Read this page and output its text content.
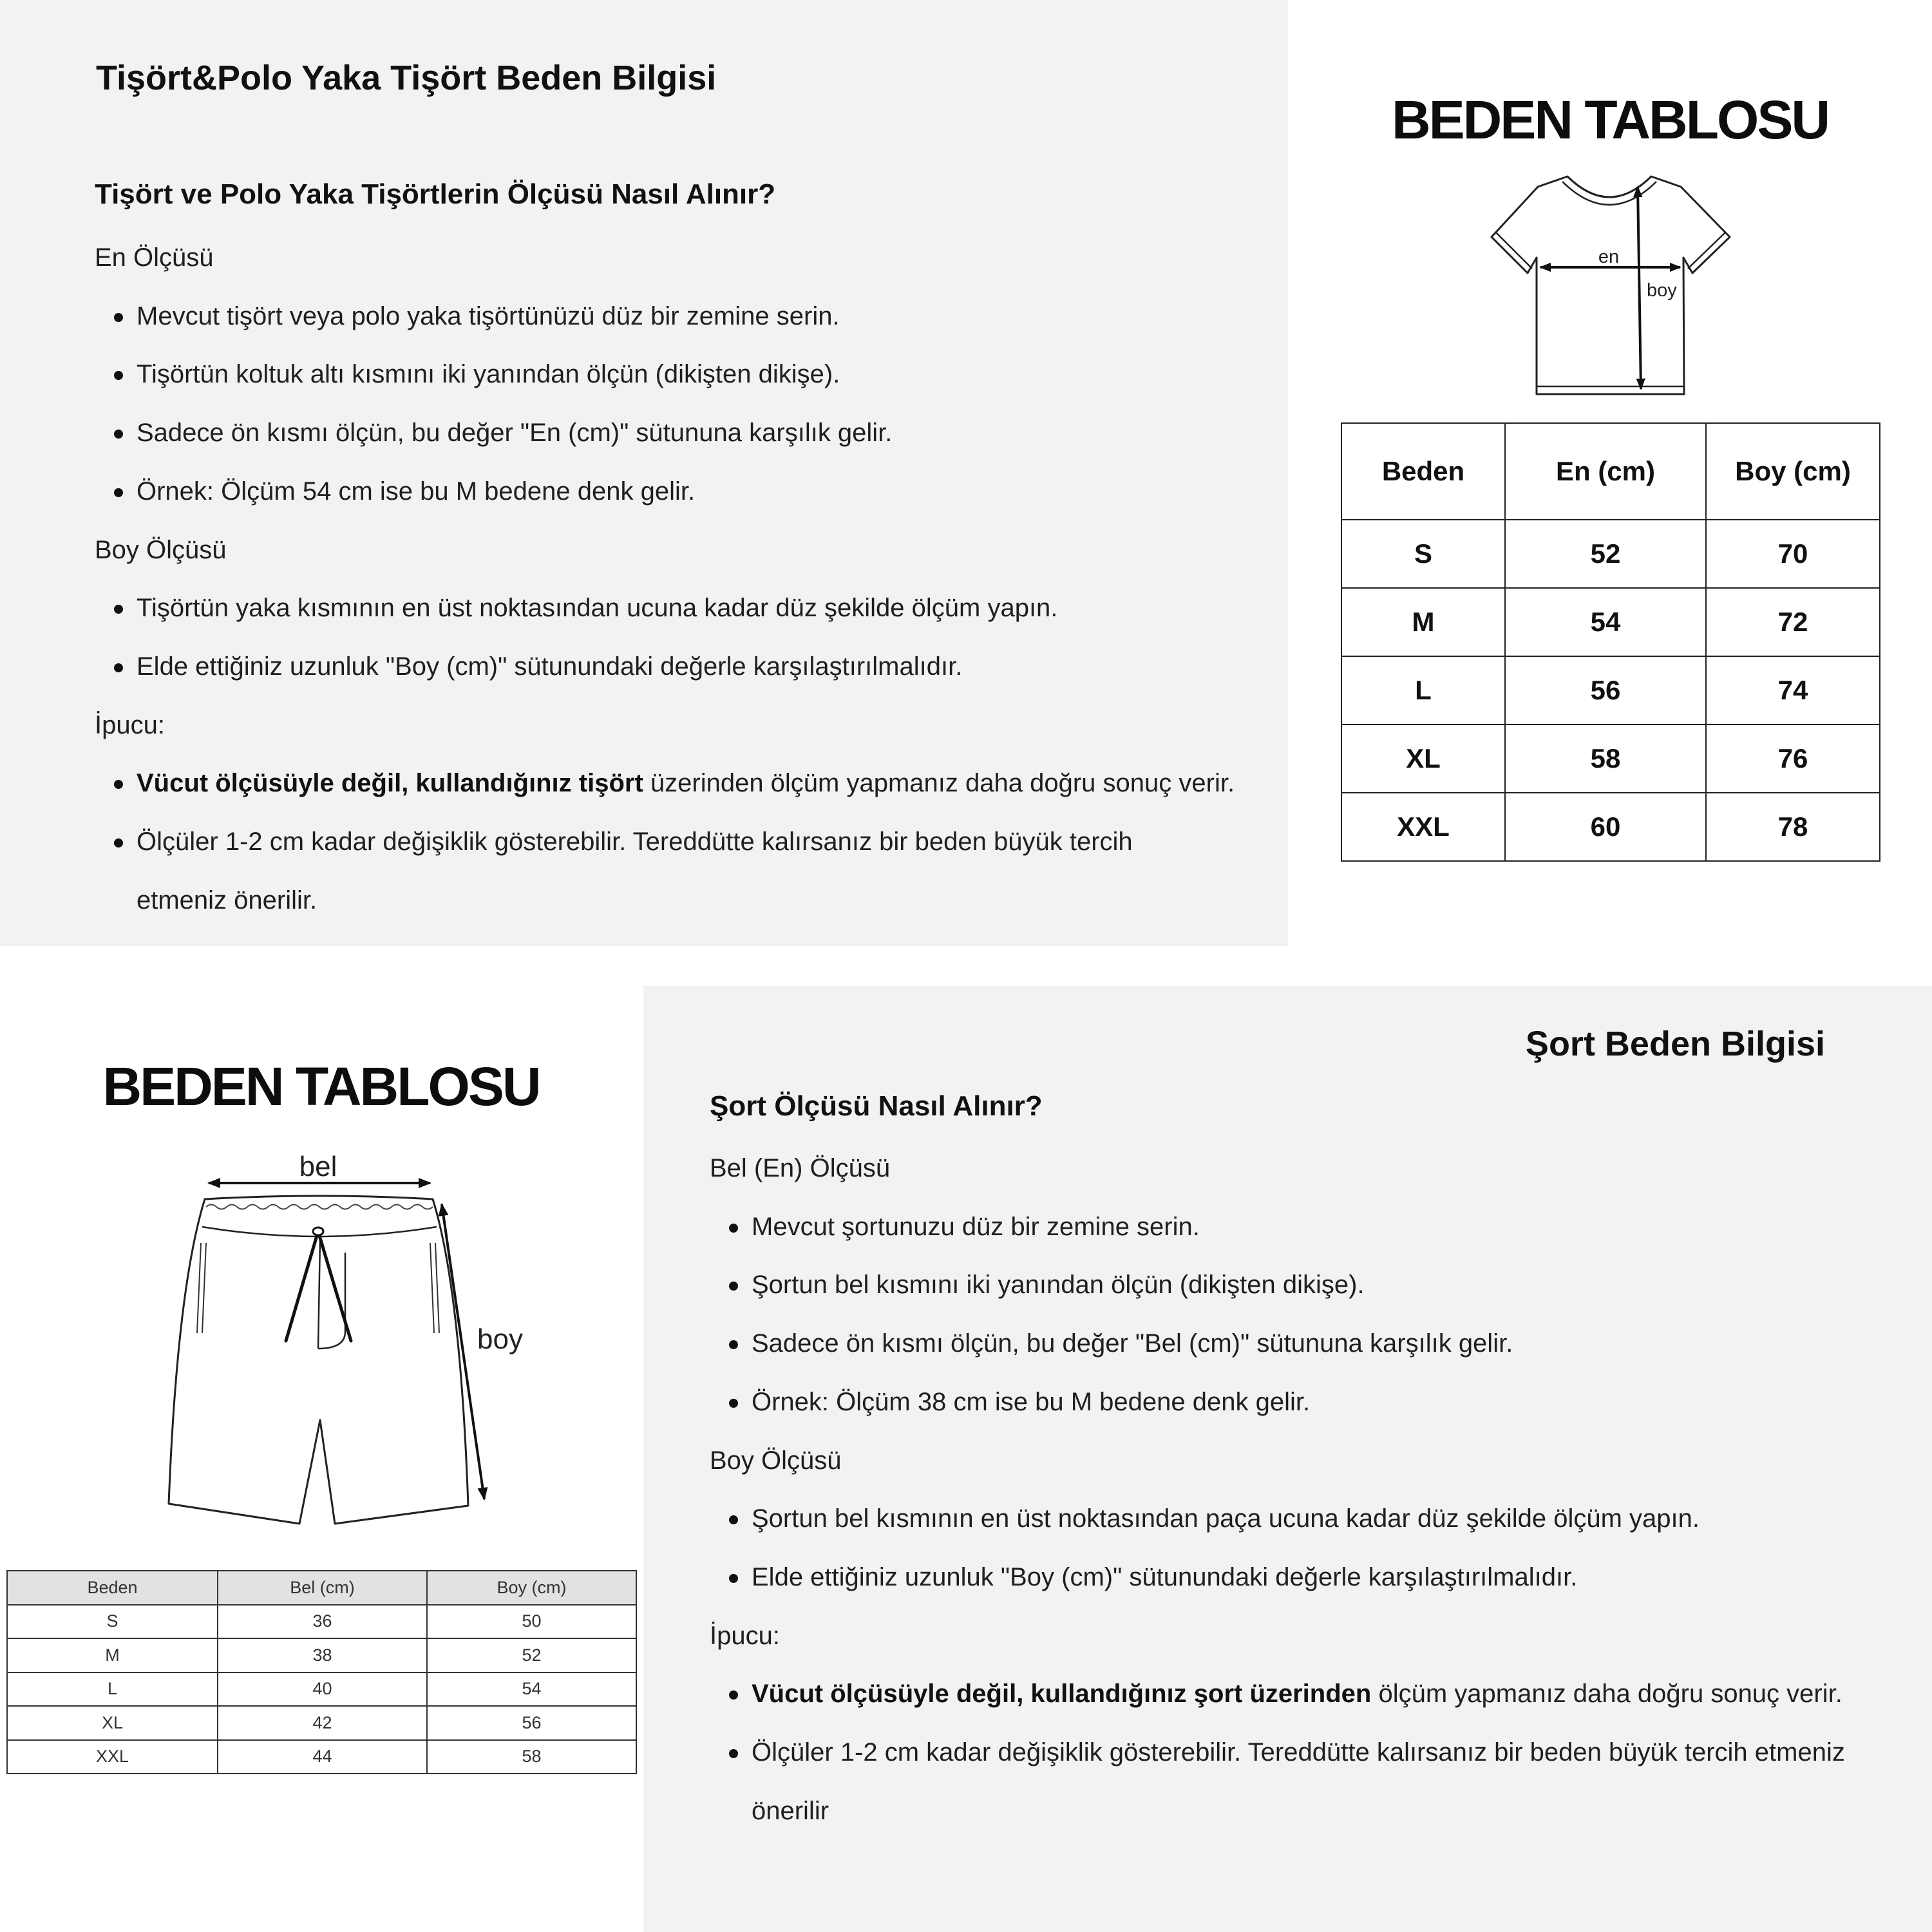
Tişört&Polo Yaka Tişört Beden Bilgisi
Tişört ve Polo Yaka Tişörtlerin Ölçüsü Nasıl Alınır?
En Ölçüsü
Mevcut tişört veya polo yaka tişörtünüzü düz bir zemine serin.
Tişörtün koltuk altı kısmını iki yanından ölçün (dikişten dikişe).
Sadece ön kısmı ölçün, bu değer "En (cm)" sütununa karşılık gelir.
Örnek: Ölçüm 54 cm ise bu M bedene denk gelir.
Boy Ölçüsü
Tişörtün yaka kısmının en üst noktasından ucuna kadar düz şekilde ölçüm yapın.
Elde ettiğiniz uzunluk "Boy (cm)" sütunundaki değerle karşılaştırılmalıdır.
İpucu:
Vücut ölçüsüyle değil, kullandığınız tişört üzerinden ölçüm yapmanız daha doğru sonuç verir.
Ölçüler 1-2 cm kadar değişiklik gösterebilir. Tereddütte kalırsanız bir beden büyük tercih
etmeniz önerilir.
BEDEN TABLOSU
en
boy
Beden	En (cm)	Boy (cm)
S	52	70
M	54	72
L	56	74
XL	58	76
XXL	60	78
BEDEN TABLOSU
bel
boy
Beden	Bel (cm)	Boy (cm)
S	36	50
M	38	52
L	40	54
XL	42	56
XXL	44	58
Şort Beden Bilgisi
Şort Ölçüsü Nasıl Alınır?
Bel (En) Ölçüsü
Mevcut şortunuzu düz bir zemine serin.
Şortun bel kısmını iki yanından ölçün (dikişten dikişe).
Sadece ön kısmı ölçün, bu değer "Bel (cm)" sütununa karşılık gelir.
Örnek: Ölçüm 38 cm ise bu M bedene denk gelir.
Boy Ölçüsü
Şortun bel kısmının en üst noktasından paça ucuna kadar düz şekilde ölçüm yapın.
Elde ettiğiniz uzunluk "Boy (cm)" sütunundaki değerle karşılaştırılmalıdır.
İpucu:
Vücut ölçüsüyle değil, kullandığınız şort üzerinden ölçüm yapmanız daha doğru sonuç verir.
Ölçüler 1-2 cm kadar değişiklik gösterebilir. Tereddütte kalırsanız bir beden büyük tercih etmeniz
önerilir
